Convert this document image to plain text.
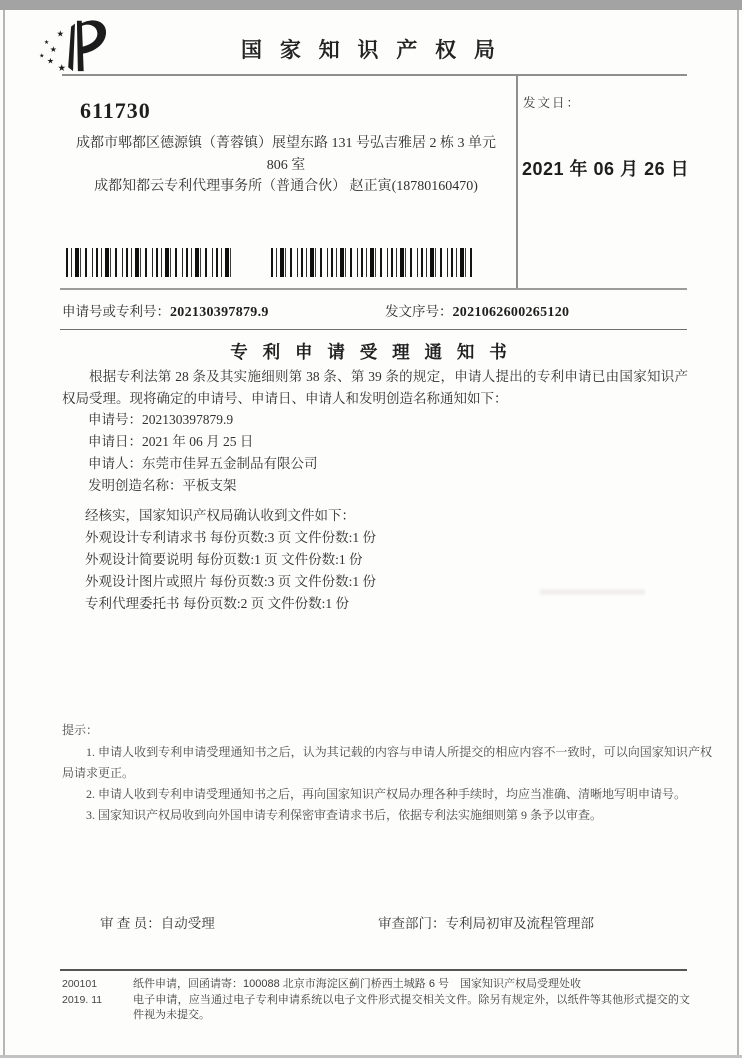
★
★
★
★ ★
★
国 家 知 识 产 权 局
611730
成都市郫都区德源镇（菁蓉镇）展望东路 131 号弘吉雅居 2 栋 3 单元
806 室
成都知都云专利代理事务所（普通合伙） 赵正寅(18780160470)
发文日：
2021 年 06 月 26 日
申请号或专利号：202130397879.9	发文序号：2021062600265120
专 利 申 请 受 理 通 知 书

根据专利法第 28 条及其实施细则第 38 条、第 39 条的规定，申请人提出的专利申请已由国家知识产权局受理。现将确定的申请号、申请日、申请人和发明创造名称通知如下：

申请号：202130397879.9
申请日：2021 年 06 月 25 日
申请人：东莞市佳昇五金制品有限公司
发明创造名称：平板支架
经核实，国家知识产权局确认收到文件如下：
外观设计专利请求书 每份页数:3 页 文件份数:1 份
外观设计简要说明 每份页数:1 页 文件份数:1 份
外观设计图片或照片 每份页数:3 页 文件份数:1 份
专利代理委托书 每份页数:2 页 文件份数:1 份
提示：

1. 申请人收到专利申请受理通知书之后，认为其记载的内容与申请人所提交的相应内容不一致时，可以向国家知识产权局请求更正。

2. 申请人收到专利申请受理通知书之后，再向国家知识产权局办理各种手续时，均应当准确、清晰地写明申请号。

3. 国家知识产权局收到向外国申请专利保密审查请求书后，依据专利法实施细则第 9 条予以审查。

审 查 员：自动受理	审查部门：专利局初审及流程管理部
200101
2019. 11
纸件申请，回函请寄：100088 北京市海淀区蓟门桥西土城路 6 号　国家知识产权局受理处收
电子申请，应当通过电子专利申请系统以电子文件形式提交相关文件。除另有规定外，以纸件等其他形式提交的文件视为未提交。
